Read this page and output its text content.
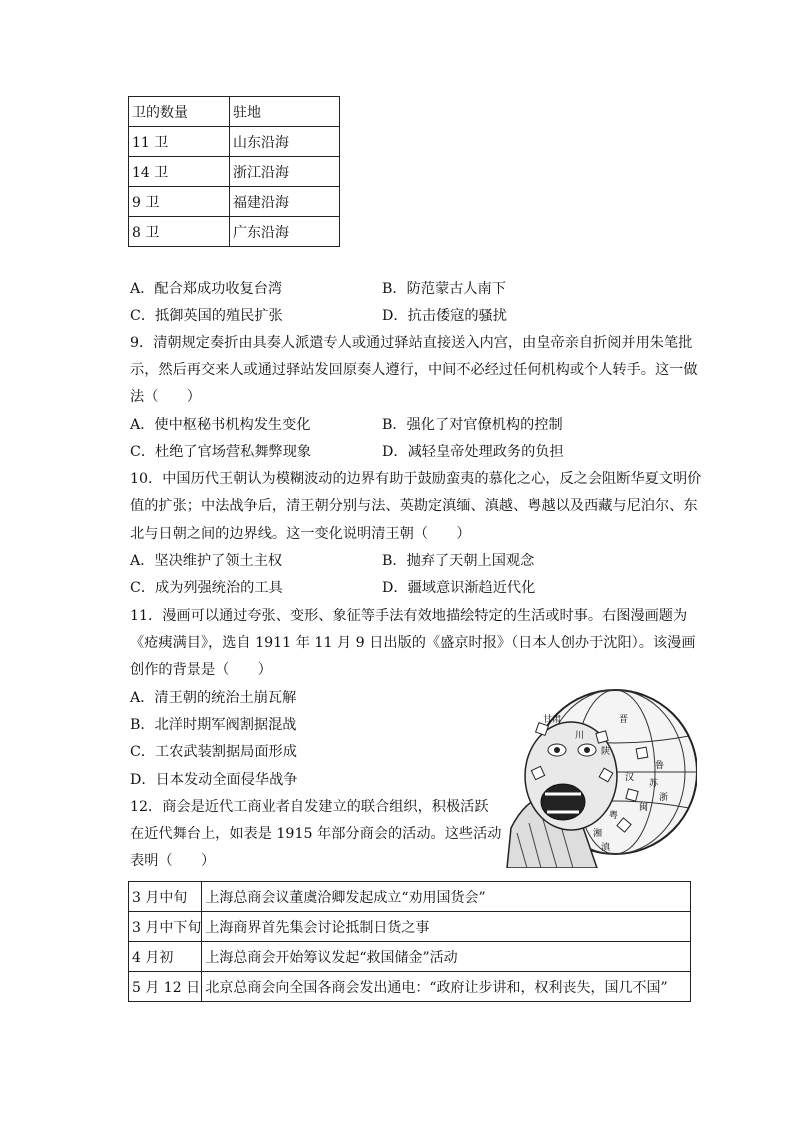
卫的数量	驻地
11 卫	山东沿海
14 卫	浙江沿海
9 卫	福建沿海
8 卫	广东沿海
A．配合郑成功收复台湾	B．防范蒙古人南下
C．抵御英国的殖民扩张	D．抗击倭寇的骚扰
9．清朝规定奏折由具奏人派遣专人或通过驿站直接送入内宫，由皇帝亲自折阅并用朱笔批
示，然后再交来人或通过驿站发回原奏人遵行，中间不必经过任何机构或个人转手。这一做
法（　　）
A．使中枢秘书机构发生变化	B．强化了对官僚机构的控制
C．杜绝了官场营私舞弊现象	D．减轻皇帝处理政务的负担
10．中国历代王朝认为模糊波动的边界有助于鼓励蛮夷的慕化之心，反之会阻断华夏文明价
值的扩张；中法战争后，清王朝分别与法、英勘定滇缅、滇越、粤越以及西藏与尼泊尔、东
北与日朝之间的边界线。这一变化说明清王朝（　　）
A．坚决维护了领土主权	B．抛弃了天朝上国观念
C．成为列强统治的工具	D．疆域意识渐趋近代化
11．漫画可以通过夸张、变形、象征等手法有效地描绘特定的生活或时事。右图漫画题为
《疮痍满目》，选自 1911 年 11 月 9 日出版的《盛京时报》（日本人创办于沈阳）。该漫画
创作的背景是（　　）
A．清王朝的统治土崩瓦解
B．北洋时期军阀割据混战
C．工农武装割据局面形成
D．日本发动全面侵华战争
甘肃	晋
川
陕
鲁
苏
粤
湘
滇
汉
闽
浙
12．商会是近代工商业者自发建立的联合组织，积极活跃
在近代舞台上，如表是 1915 年部分商会的活动。这些活动
表明（　　）
3 月中旬	上海总商会议董虞洽卿发起成立“劝用国货会”
3 月中下旬	上海商界首先集会讨论抵制日货之事
4 月初	上海总商会开始筹议发起“救国储金”活动
5 月 12 日	北京总商会向全国各商会发出通电：“政府让步讲和，权利丧失，国几不国”
